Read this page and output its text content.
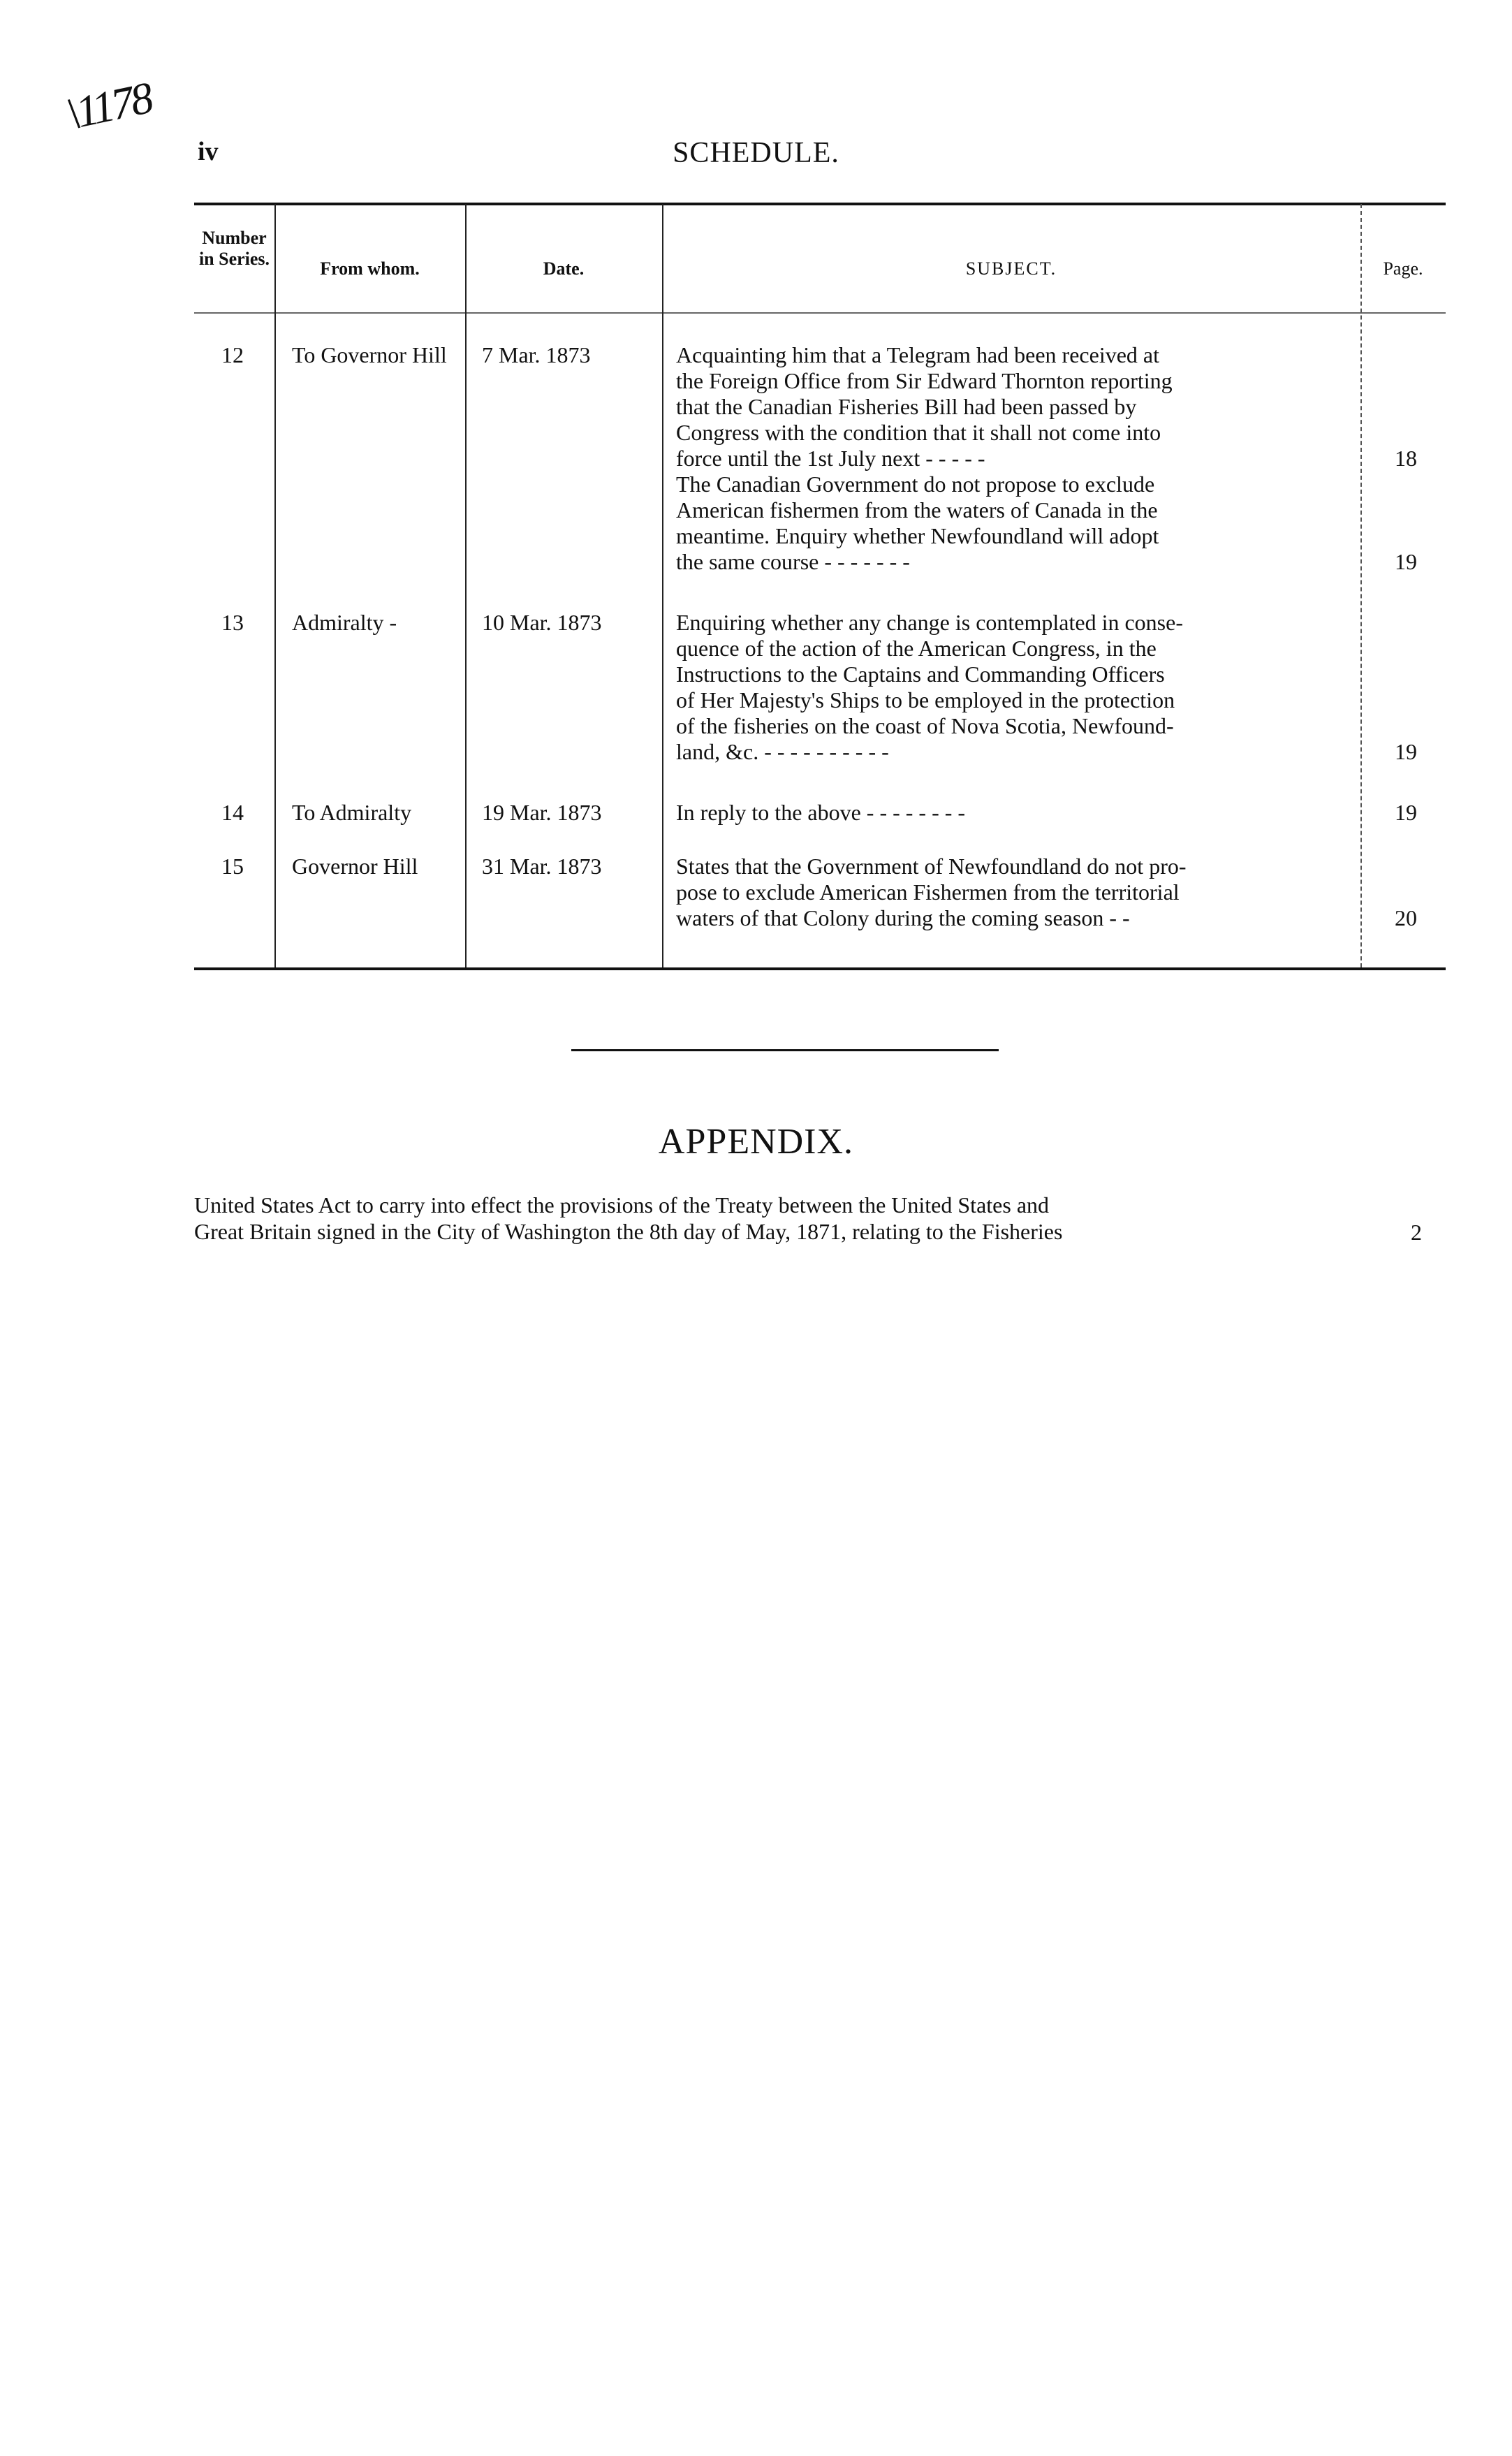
\1178
iv	SCHEDULE.
Number in Series.	From whom.	Date.	SUBJECT.	Page.
12	To Governor Hill	7 Mar. 1873	Acquainting him that a Telegram had been received at
the Foreign Office from Sir Edward Thornton reporting
that the Canadian Fisheries Bill had been passed by
Congress with the condition that it shall not come into
force until the 1st July next - - - - -	18
The Canadian Government do not propose to exclude
American fishermen from the waters of Canada in the
meantime. Enquiry whether Newfoundland will adopt
the same course - - - - - - -	19
13	Admiralty -	10 Mar. 1873	Enquiring whether any change is contemplated in conse-
quence of the action of the American Congress, in the
Instructions to the Captains and Commanding Officers
of Her Majesty's Ships to be employed in the protection
of the fisheries on the coast of Nova Scotia, Newfound-
land, &c. - - - - - - - - - -	19
14	To Admiralty	19 Mar. 1873	In reply to the above - - - - - - - -	19
15	Governor Hill	31 Mar. 1873	States that the Government of Newfoundland do not pro-
pose to exclude American Fishermen from the territorial
waters of that Colony during the coming season - -	20
APPENDIX.
United States Act to carry into effect the provisions of the Treaty between the United States and
Great Britain signed in the City of Washington the 8th day of May, 1871, relating to the Fisheries	2
